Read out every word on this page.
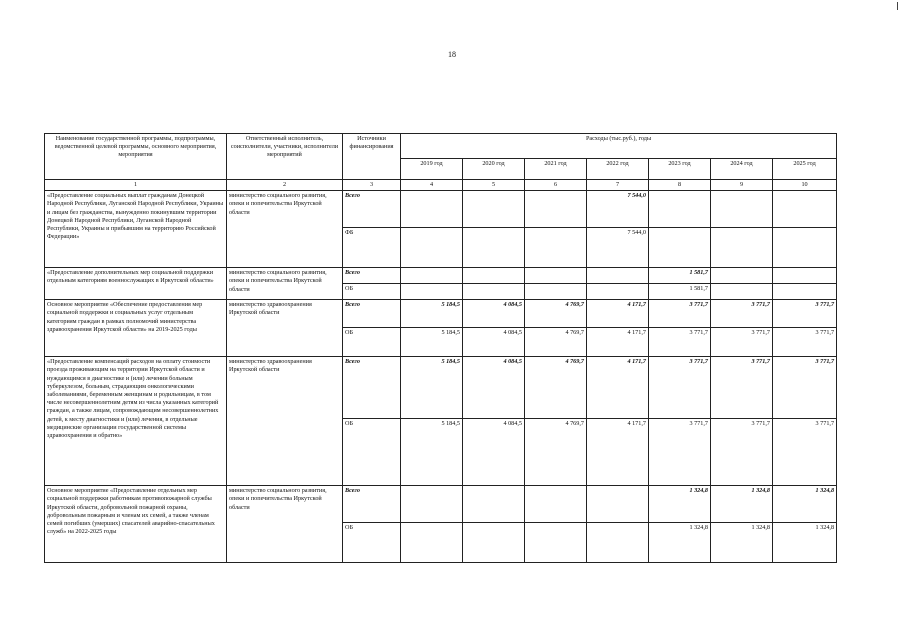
18
Наименование государственной программы, подпрограммы, ведомственной целевой программы, основного мероприятия, мероприятия	Ответственный исполнитель, соисполнители, участники, исполнители мероприятий	Источники финансирования	Расходы (тыс.руб.), годы						
			2019 год	2020 год	2021 год	2022 год	2023 год	2024 год	2025 год
1	2	3	4	5	6	7	8	9	10
«Предоставление социальных выплат гражданам Донецкой Народной Республики, Луганской Народной Республики, Украины и лицам без гражданства, вынужденно покинувшим территории Донецкой Народной Республики, Луганской Народной Республики, Украины и прибывшим на территорию Российской Федерации»	министерство социального развития, опеки и попечительства Иркутской области	Всего				7 544,0			
		ФБ				7 544,0			
«Предоставление дополнительных мер социальной поддержки отдельным категориям военнослужащих в Иркутской области»	министерство социального развития, опеки и попечительства Иркутской области	Всего					1 581,7		
		ОБ					1 581,7		
Основное мероприятие «Обеспечение предоставления мер социальной поддержки и социальных услуг отдельным категориям граждан в рамках полномочий министерства здравоохранения Иркутской области» на 2019-2025 годы	министерство здравоохранения Иркутской области	Всего	5 184,5	4 084,5	4 769,7	4 171,7	3 771,7	3 771,7	3 771,7
		ОБ	5 184,5	4 084,5	4 769,7	4 171,7	3 771,7	3 771,7	3 771,7
«Предоставление компенсаций расходов на оплату стоимости проезда проживающим на территории Иркутской области и нуждающимся в диагностике и (или) лечении больным туберкулезом, больным, страдающим онкологическими заболеваниями, беременным женщинам и родильницам, в том числе несовершеннолетним детям из числа указанных категорий граждан, а также лицам, сопровождающим несовершеннолетних детей, к месту диагностики и (или) лечения, в отдельные медицинские организации государственной системы здравоохранения и обратно»	министерство здравоохранения Иркутской области	Всего	5 184,5	4 084,5	4 769,7	4 171,7	3 771,7	3 771,7	3 771,7
		ОБ	5 184,5	4 084,5	4 769,7	4 171,7	3 771,7	3 771,7	3 771,7
Основное мероприятие «Предоставление отдельных мер социальной поддержки работникам противопожарной службы Иркутской области, добровольной пожарной охраны, добровольным пожарным и членам их семей, а также членам семей погибших (умерших) спасателей аварийно-спасательных служб» на 2022-2025 годы	министерство социального развития, опеки и попечительства Иркутской области	Всего					1 324,8	1 324,8	1 324,8
		ОБ					1 324,8	1 324,8	1 324,8
